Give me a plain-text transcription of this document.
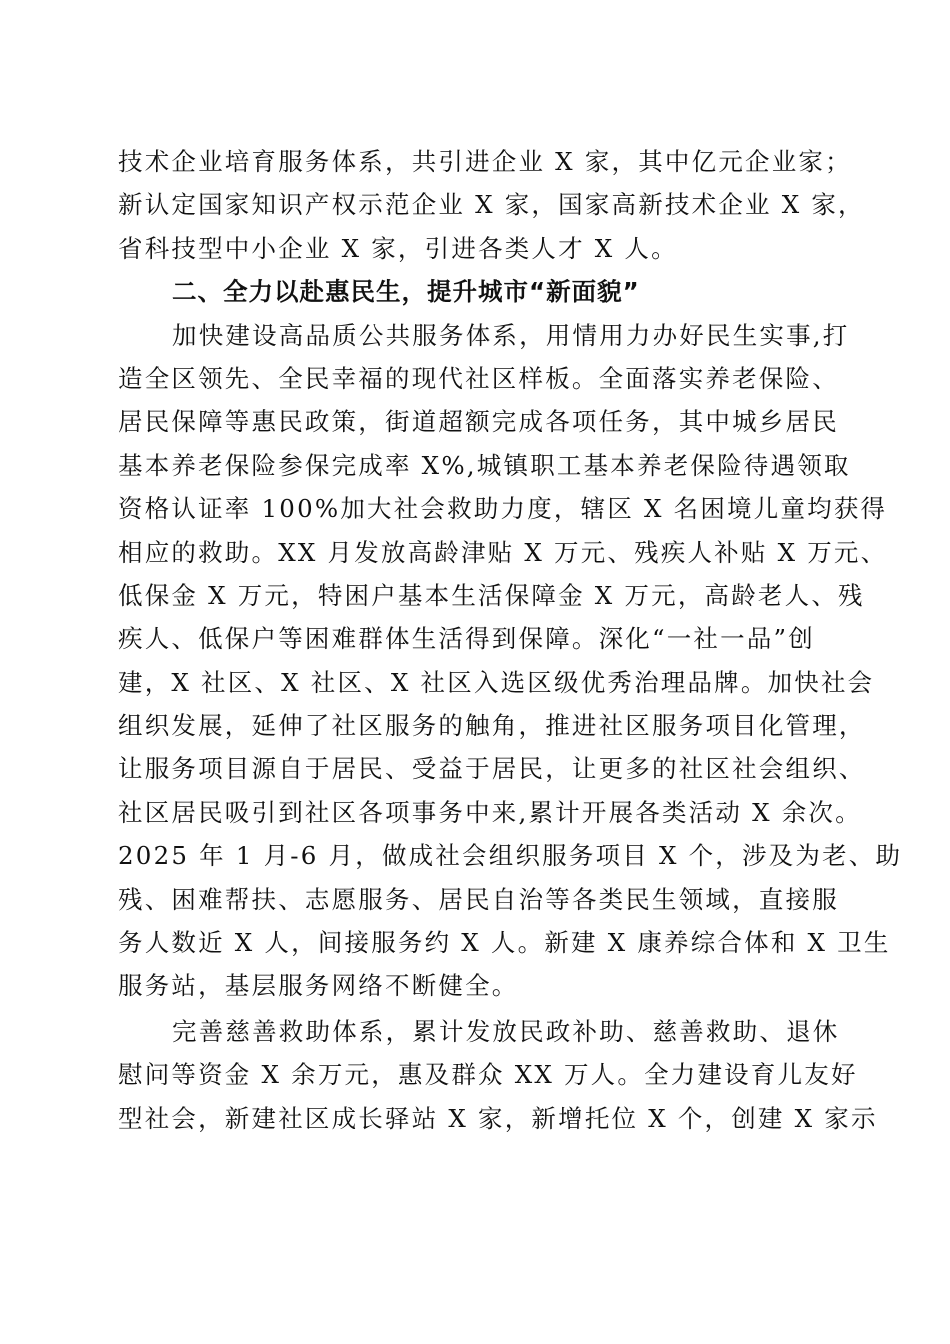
技术企业培育服务体系，共引进企业 X 家，其中亿元企业家；
新认定国家知识产权示范企业 X 家，国家高新技术企业 X 家，
省科技型中小企业 X 家，引进各类人才 X 人。
二、全力以赴惠民生，提升城市“新面貌”
加快建设高品质公共服务体系，用情用力办好民生实事,打
造全区领先、全民幸福的现代社区样板。全面落实养老保险、
居民保障等惠民政策，街道超额完成各项任务，其中城乡居民
基本养老保险参保完成率 X%,城镇职工基本养老保险待遇领取
资格认证率 100%加大社会救助力度，辖区 X 名困境儿童均获得
相应的救助。XX 月发放高龄津贴 X 万元、残疾人补贴 X 万元、
低保金 X 万元，特困户基本生活保障金 X 万元，高龄老人、残
疾人、低保户等困难群体生活得到保障。深化“一社一品”创
建，X 社区、X 社区、X 社区入选区级优秀治理品牌。加快社会
组织发展，延伸了社区服务的触角，推进社区服务项目化管理，
让服务项目源自于居民、受益于居民，让更多的社区社会组织、
社区居民吸引到社区各项事务中来,累计开展各类活动 X 余次。
2025 年 1 月-6 月，做成社会组织服务项目 X 个，涉及为老、助
残、困难帮扶、志愿服务、居民自治等各类民生领域，直接服
务人数近 X 人，间接服务约 X 人。新建 X 康养综合体和 X 卫生
服务站，基层服务网络不断健全。
完善慈善救助体系，累计发放民政补助、慈善救助、退休
慰问等资金 X 余万元，惠及群众 XX 万人。全力建设育儿友好
型社会，新建社区成长驿站 X 家，新增托位 X 个，创建 X 家示
